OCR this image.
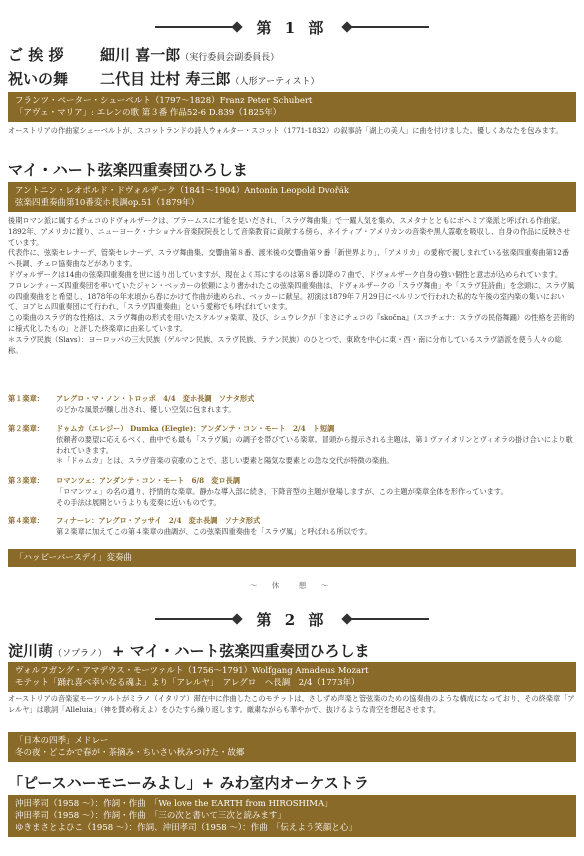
第 1 部
ご 挨 拶	細川 喜一郎（実行委員会副委員長）
祝いの舞	二代目 辻村 寿三郎（人形アーティスト）
フランツ・ペーター・シューベルト（1797〜1828）Franz Peter Schubert
「アヴェ・マリア」: エレンの歌 第３番 作品52-6 D.839（1825年）
オーストリアの作曲家シューベルトが、スコットランドの詩人ウォルター・スコット（1771-1832）の叙事詩「湖上の美人」に曲を付けました。優しくあなたを包みます。
マイ・ハート弦楽四重奏団ひろしま
アントニン・レオポルド・ドヴォルザーク（1841〜1904）Antonín Leopold Dvořák
弦楽四重奏曲第10番変ホ長調op.51（1879年）
後期ロマン派に属するチェコのドヴォルザークは、ブラームスに才能を見いだされ、「スラヴ舞曲集」で一躍人気を集め、スメタナとともにボヘミア楽派と呼ばれる作曲家。1892年、アメリカに渡り、ニューヨーク・ナショナル音楽院院長として音楽教育に貢献する傍ら、ネイティブ・アメリカンの音楽や黒人霊歌を吸収し、自身の作品に反映させています。
代表作に、弦楽セレナーデ、管楽セレナーデ、スラヴ舞曲集、交響曲第８番、渡米後の交響曲第９番「新世界より」、「アメリカ」の愛称で親しまれている弦楽四重奏曲第12番ヘ長調、チェロ協奏曲などがあります。
ドヴォルザークは14曲の弦楽四重奏曲を世に送り出していますが、現在よく耳にするのは第８番以降の７曲で、ドヴォルザーク自身の強い個性と意志が込められています。
フロレンティーズ四重奏団を率いていたジャン・ベッカーの依頼により書かれたこの弦楽四重奏曲は、ドヴォルザークの「スラヴ舞曲」や「スラヴ狂詩曲」を念頭に、スラヴ風の四重奏曲をと希望し、1878年の年末頃から春にかけて作曲が進められ、ベッカーに献呈。初演は1879年７月29日にベルリンで行われた私的な午後の室内楽の集いにおいて、ヨアヒム四重奏団にて行われ、「スラヴ四重奏曲」という愛称でも呼ばれています。
この楽曲のスラヴ的な性格は、スラヴ舞曲の形式を用いたスケルツォ楽章、及び、シュウレクが「まさにチェコの『skočna』（スコチェナ：スラヴの民俗舞踊）の性格を芸術的に様式化したもの」と評した終楽章に由来しています。
＊スラヴ民族（Slavs）：ヨーロッパの三大民族（ゲルマン民族、スラヴ民族、ラテン民族）のひとつで、東欧を中心に東・西・南に分布しているスラヴ語派を使う人々の総称。
第１楽章：	アレグロ・マ・ノン・トロッポ　4/4　変ホ長調　ソナタ形式
のどかな風景が醸し出され、優しい空気に包まれます。
第２楽章：	ドゥムカ（エレジー） Dumka (Elegie)：アンダンテ・コン・モート　2/4　ト短調
依頼者の要望に応えるべく、曲中でも最も「スラヴ風」の調子を帯びている楽章。冒頭から提示される主題は、第１ヴァイオリンとヴィオラの掛け合いにより歌われていきます。
＊「ドゥムカ」とは、スラヴ音楽の哀歌のことで、悲しい要素と陽気な要素との急な交代が特徴の楽曲。
第３楽章：	ロマンツェ：アンダンテ・コン・モート　6/8　変ロ長調
「ロマンツェ」の名の通り、抒情的な楽章。静かな導入部に続き、下降音型の主題が登場しますが、この主題が楽章全体を形作っています。
その手法は展開というよりも変奏に近いものです。
第４楽章：	フィナーレ：アレグロ・アッサイ　2/4　変ホ長調　ソナタ形式
第２楽章に加えてこの第４楽章の曲調が、この弦楽四重奏曲を「スラヴ風」と呼ばれる所以です。
「ハッピーバースデイ」変奏曲
〜 休　憩 〜
第 2 部
淀川萌（ソプラノ） + マイ・ハート弦楽四重奏団ひろしま
ヴォルフガング・アマデウス・モーツァルト（1756〜1791）Wolfgang Amadeus Mozart
モテット「踊れ喜べ幸いなる魂よ」より「アレルヤ」　アレグロ　ヘ長調　2/4（1773年）
オーストリアの音楽家モーツァルトがミラノ（イタリア）滞在中に作曲したこのモテットは、さしずめ声楽と管弦楽のための協奏曲のような構成になっており、その終楽章「アレルヤ」は歌詞「Alleluia」（神を賛め称えよ）をひたすら繰り返します。厳粛ながらも華やかで、抜けるような青空を想起させます。
「日本の四季」メドレー
冬の夜・どこかで春が・茶摘み・ちいさい秋みつけた・故郷
「ピースハーモニーみよし」+ みわ室内オーケストラ
沖田孝司（1958 〜）：作詞・作曲　「We love the EARTH from HIROSHIMA」
沖田孝司（1958 〜）：作詞・作曲　「三の次と書いて三次と読みます」
ゆきまさとよひこ（1958 〜）：作詞、沖田孝司（1958 〜）：作曲　「伝えよう笑顔と心」
